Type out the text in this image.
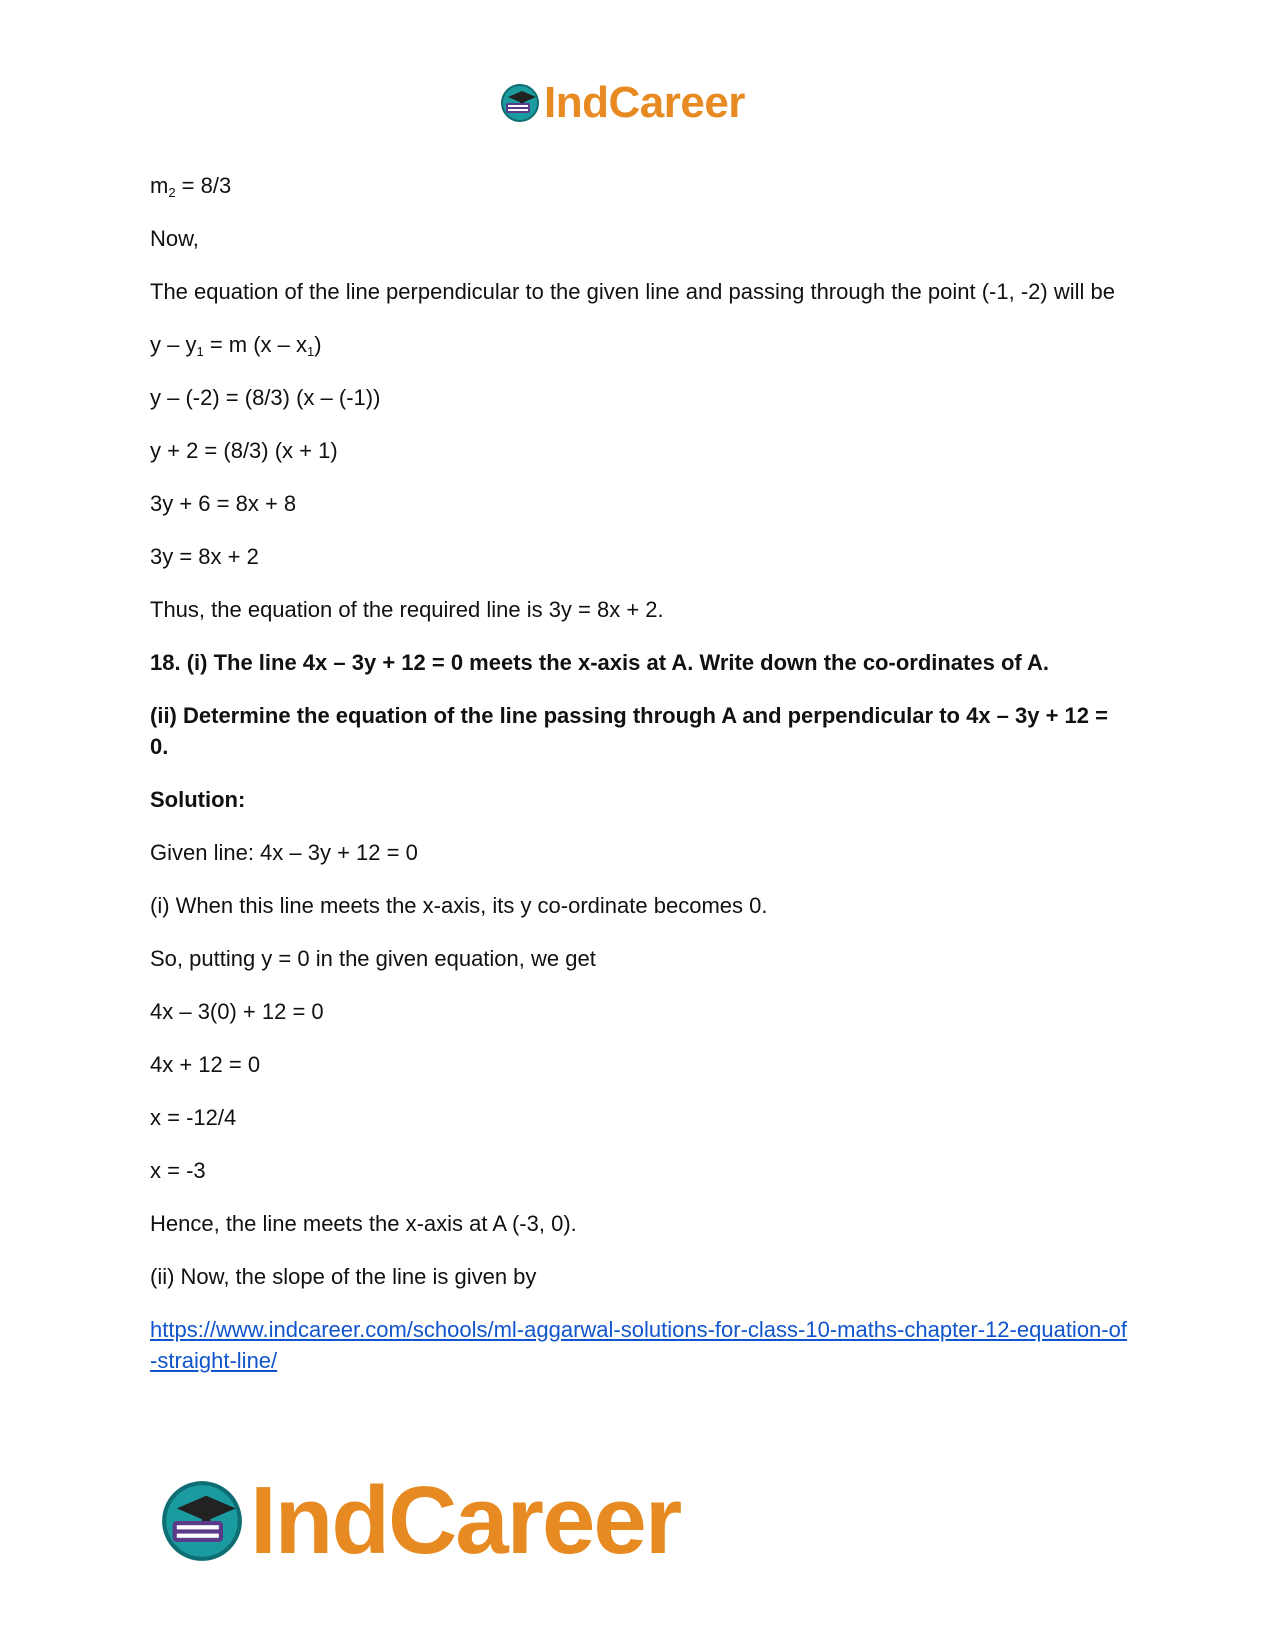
IndCareer

$m_2 = 8/3$

Now,

The equation of the line perpendicular to the given line and passing through the point (-1, -2) will be

$y - y_1 = m$ $(x - x_1)$

y – (-2) = (8/3) (x – (-1))

y + 2 = (8/3) (x + 1)

3y + 6 = 8x + 8

3y = 8x + 2

Thus, the equation of the required line is 3y = 8x + 2.

18. (i) The line 4x – 3y + 12 = 0 meets the x-axis at A. Write down the co-ordinates of A.

(ii) Determine the equation of the line passing through A and perpendicular to 4x – 3y + 12 = 0.

Solution:

Given line: 4x – 3y + 12 = 0

(i) When this line meets the x-axis, its y co-ordinate becomes 0.

So, putting y = 0 in the given equation, we get

4x – 3(0) + 12 = 0

4x + 12 = 0

x = -12/4

x = -3

Hence, the line meets the x-axis at A (-3, 0).

(ii) Now, the slope of the line is given by

https://www.indcareer.com/schools/ml-aggarwal-solutions-for-class-10-maths-chapter-12-equation-of-straight-line/
IndCareer
